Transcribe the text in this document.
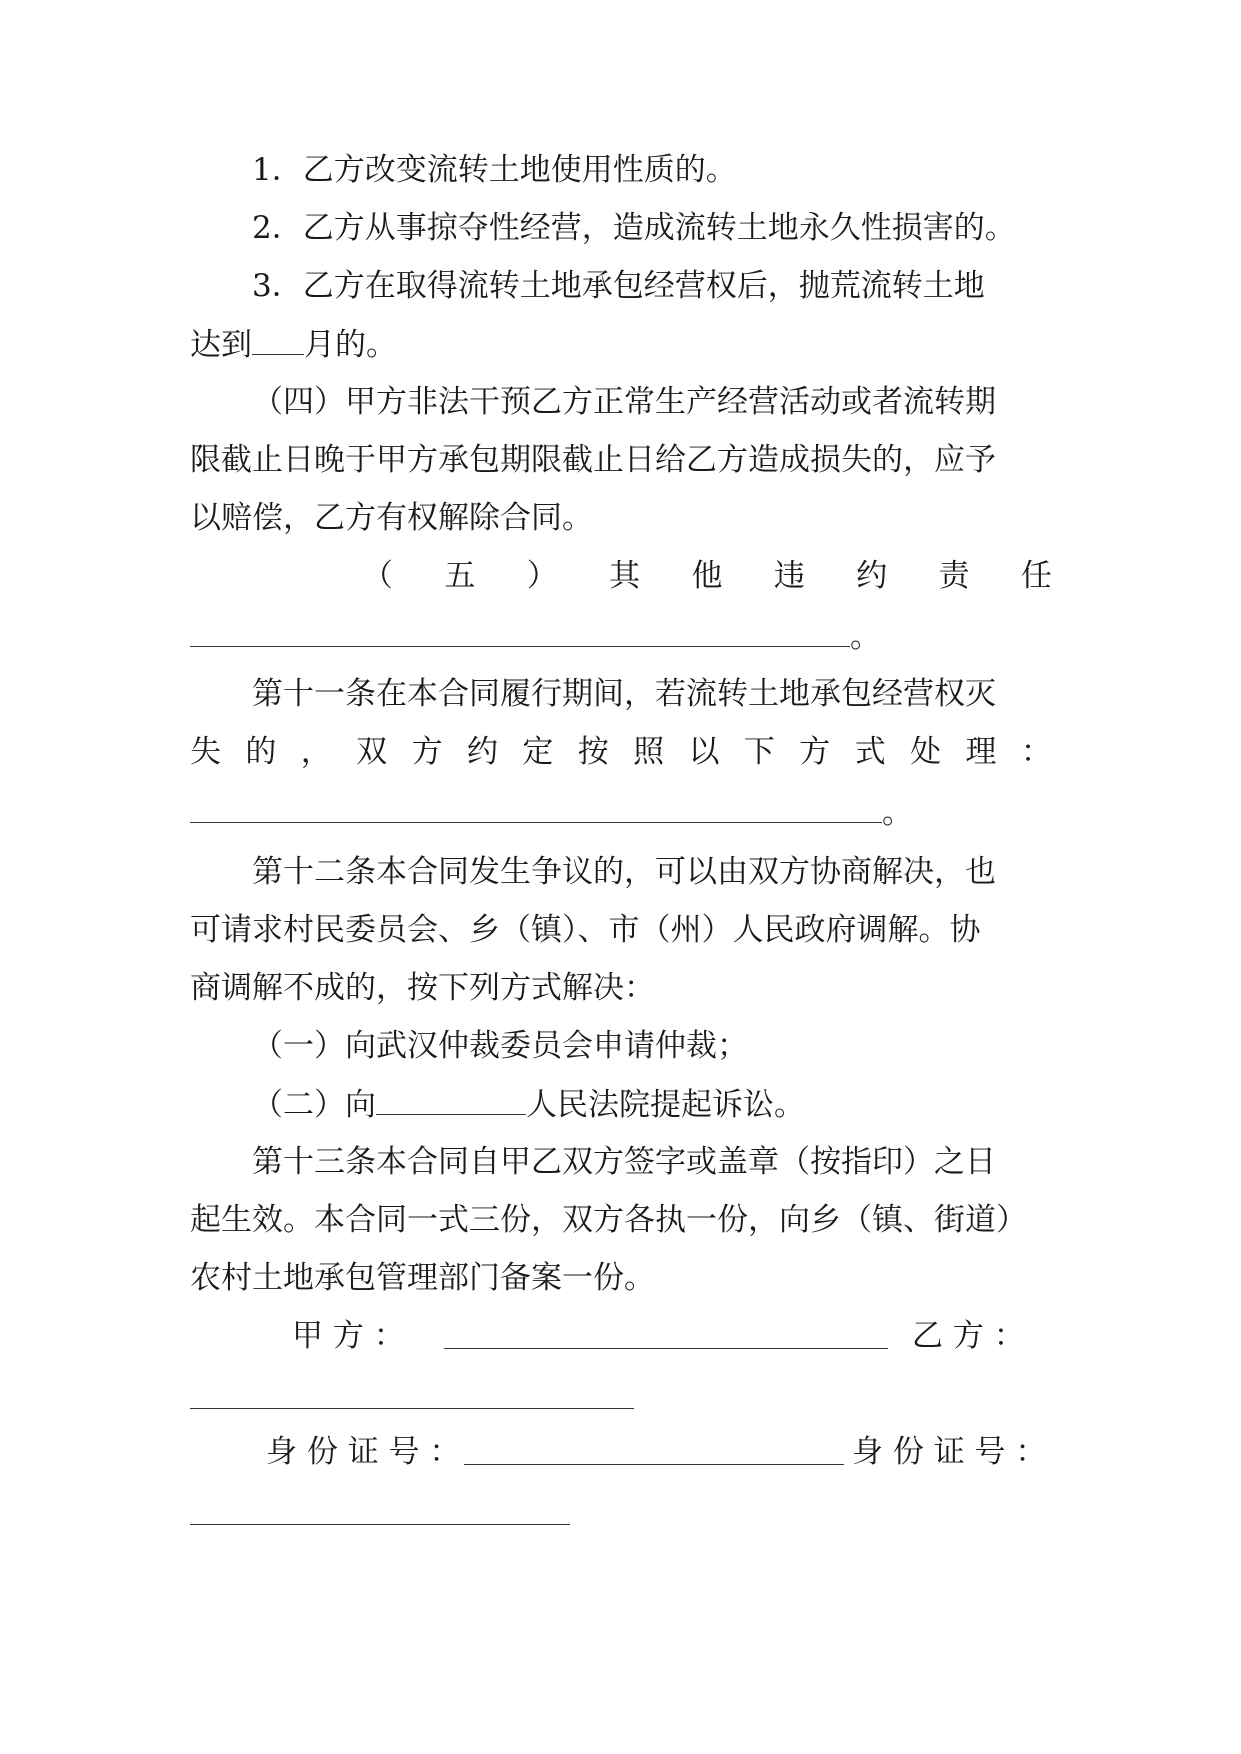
1．乙方改变流转土地使用性质的。
2．乙方从事掠夺性经营，造成流转土地永久性损害的。
3．乙方在取得流转土地承包经营权后，抛荒流转土地
达到 月的。
（四）甲方非法干预乙方正常生产经营活动或者流转期
限截止日晚于甲方承包期限截止日给乙方造成损失的，应予
以赔偿，乙方有权解除合同。
（ 五 ） 其 他 违 约 责 任
。
第十一条在本合同履行期间，若流转土地承包经营权灭
失 的 ， 双 方 约 定 按 照 以 下 方 式 处 理 ：
。
第十二条本合同发生争议的，可以由双方协商解决，也
可请求村民委员会、乡（镇）、市（州）人民政府调解。协
商调解不成的，按下列方式解决：
（一）向武汉仲裁委员会申请仲裁；
（二）向	人民法院提起诉讼。
第十三条本合同自甲乙双方签字或盖章（按指印）之日
起生效。本合同一式三份，双方各执一份，向乡（镇、街道）
农村土地承包管理部门备案一份。
甲 方 ：	乙 方 ：
身 份 证 号 ：	身 份 证 号 ：
